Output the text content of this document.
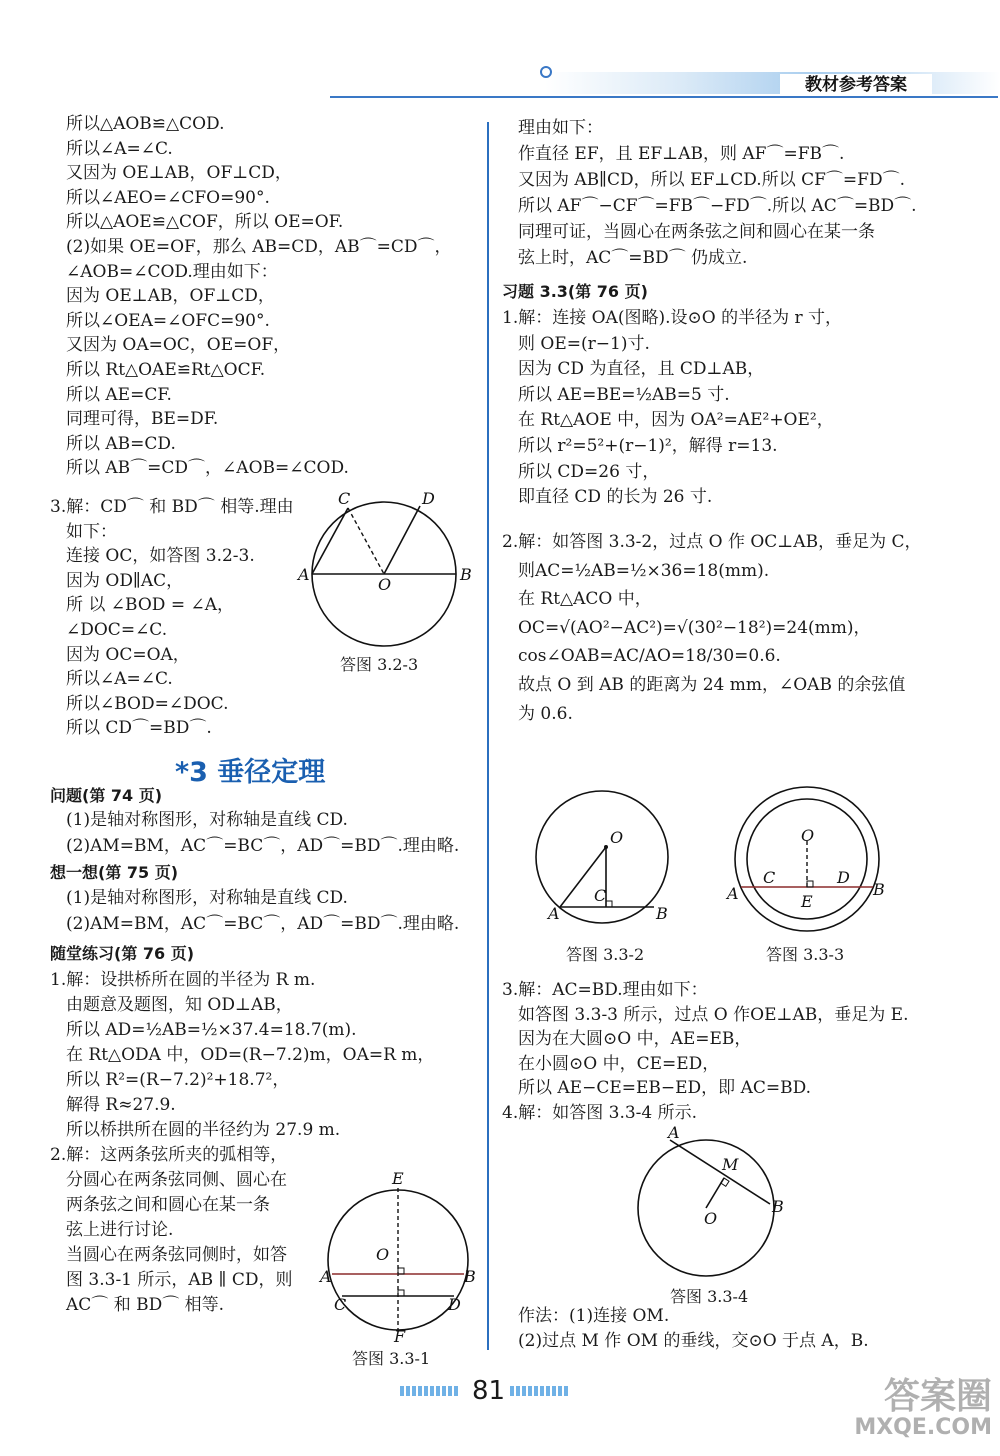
教材参考答案
所以△AOB≌△COD.
所以∠A=∠C.
又因为 OE⊥AB，OF⊥CD，
所以∠AEO=∠CFO=90°.
所以△AOE≌△COF，所以 OE=OF.
(2)如果 OE=OF，那么 AB=CD，AB⌒=CD⌒，
∠AOB=∠COD.理由如下：
因为 OE⊥AB，OF⊥CD，
所以∠OEA=∠OFC=90°.
又因为 OA=OC，OE=OF，
所以 Rt△OAE≌Rt△OCF.
所以 AE=CF.
同理可得，BE=DF.
所以 AB=CD.
所以 AB⌒=CD⌒，∠AOB=∠COD.
3.解：CD⌒ 和 BD⌒ 相等.理由
如下：
连接 OC，如答图 3.2-3.
因为 OD∥AC，
所 以 ∠BOD = ∠A，
∠DOC=∠C.
因为 OC=OA，
所以∠A=∠C.
所以∠BOD=∠DOC.
所以 CD⌒=BD⌒.
C	D
A	B
O
答图 3.2-3
*3 垂径定理
问题(第 74 页)
(1)是轴对称图形，对称轴是直线 CD.
(2)AM=BM，AC⌒=BC⌒，AD⌒=BD⌒.理由略.
想一想(第 75 页)
(1)是轴对称图形，对称轴是直线 CD.
(2)AM=BM，AC⌒=BC⌒，AD⌒=BD⌒.理由略.
随堂练习(第 76 页)
1.解：设拱桥所在圆的半径为 R m.
由题意及题图，知 OD⊥AB，
所以 AD=½AB=½×37.4=18.7(m).
在 Rt△ODA 中，OD=(R−7.2)m，OA=R m，
所以 R²=(R−7.2)²+18.7²，
解得 R≈27.9.
所以桥拱所在圆的半径约为 27.9 m.
2.解：这两条弦所夹的弧相等，
分圆心在两条弦同侧、圆心在
两条弦之间和圆心在某一条
弦上进行讨论.
当圆心在两条弦同侧时，如答
图 3.3-1 所示，AB ∥ CD，则
AC⌒ 和 BD⌒ 相等.
E
O
A	B
C	D
F
答图 3.3-1
理由如下：
作直径 EF，且 EF⊥AB，则 AF⌒=FB⌒.
又因为 AB∥CD，所以 EF⊥CD.所以 CF⌒=FD⌒.
所以 AF⌒−CF⌒=FB⌒−FD⌒.所以 AC⌒=BD⌒.
同理可证，当圆心在两条弦之间和圆心在某一条
弦上时，AC⌒=BD⌒ 仍成立.
习题 3.3(第 76 页)
1.解：连接 OA(图略).设⊙O 的半径为 r 寸，
则 OE=(r−1)寸.
因为 CD 为直径，且 CD⊥AB，
所以 AE=BE=½AB=5 寸.
在 Rt△AOE 中，因为 OA²=AE²+OE²，
所以 r²=5²+(r−1)²，解得 r=13.
所以 CD=26 寸，
即直径 CD 的长为 26 寸.
2.解：如答图 3.3-2，过点 O 作 OC⊥AB，垂足为 C，
则AC=½AB=½×36=18(mm).
在 Rt△ACO 中，
OC=√(AO²−AC²)=√(30²−18²)=24(mm)，
cos∠OAB=AC/AO=18/30=0.6.
故点 O 到 AB 的距离为 24 mm，∠OAB 的余弦值
为 0.6.
O
C
A	B
答图 3.3-2
O
C	D
A	B
E
答图 3.3-3
3.解：AC=BD.理由如下：
如答图 3.3-3 所示，过点 O 作OE⊥AB，垂足为 E.
因为在大圆⊙O 中，AE=EB，
在小圆⊙O 中，CE=ED，
所以 AE−CE=EB−ED，即 AC=BD.
4.解：如答图 3.3-4 所示.
A
M
B
O
答图 3.3-4
作法：(1)连接 OM.
(2)过点 M 作 OM 的垂线，交⊙O 于点 A，B.
81	答案圈
MXQE.COM
